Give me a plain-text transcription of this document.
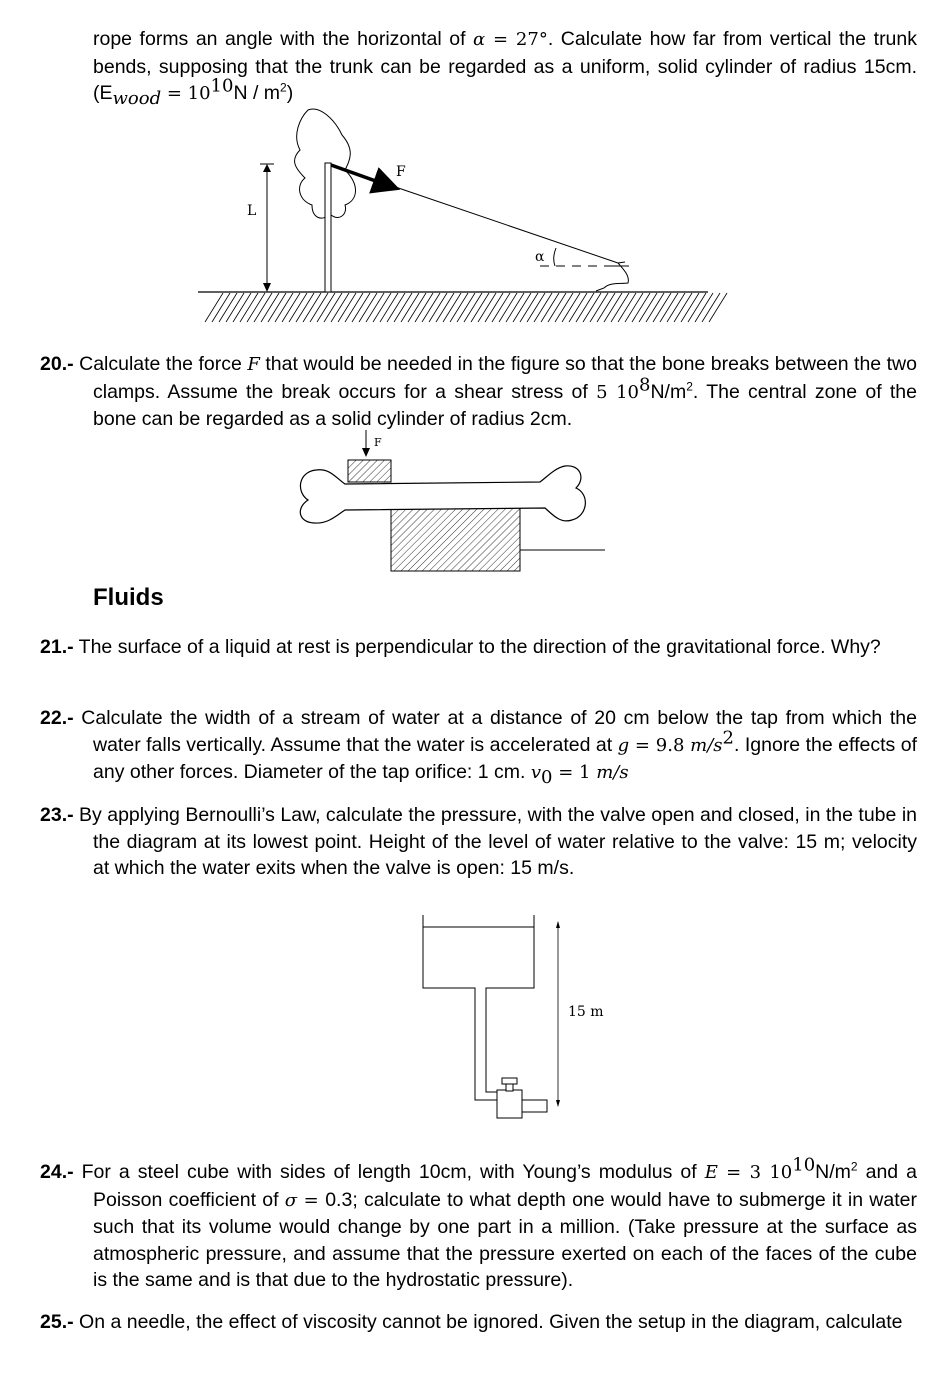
rope forms an angle with the horizontal of α = 27°. Calculate how far from vertical the trunk bends, supposing that the trunk can be regarded as a uniform, solid cylinder of radius 15cm. $(E_{wood} = 10^{10}N / m^2)$
F
α
L
20.- Calculate the force F that would be needed in the figure so that the bone breaks between the two clamps. Assume the break occurs for a shear stress of 5 $10^8N/m^2$. The central zone of the bone can be regarded as a solid cylinder of radius 2cm.
F
Fluids
21.- The surface of a liquid at rest is perpendicular to the direction of the gravitational force. Why?
22.- Calculate the width of a stream of water at a distance of 20 cm below the tap from which the water falls vertically. Assume that the water is accelerated at g = 9.8 $m/s^2$. Ignore the effects of any other forces. Diameter of the tap orifice: 1 cm. $v_0 = 1$ m/s
23.- By applying Bernoulli’s Law, calculate the pressure, with the valve open and closed, in the tube in the diagram at its lowest point. Height of the level of water relative to the valve: 15 m; velocity at which the water exits when the valve is open: 15 m/s.
15 m
24.- For a steel cube with sides of length 10cm, with Young’s modulus of E = 3 $10^{10}N/m^2$ and a Poisson coefficient of σ = 0.3; calculate to what depth one would have to submerge it in water such that its volume would change by one part in a million. (Take pressure at the surface as atmospheric pressure, and assume that the pressure exerted on each of the faces of the cube is the same and is that due to the hydrostatic pressure).
25.- On a needle, the effect of viscosity cannot be ignored. Given the setup in the diagram, calculate
